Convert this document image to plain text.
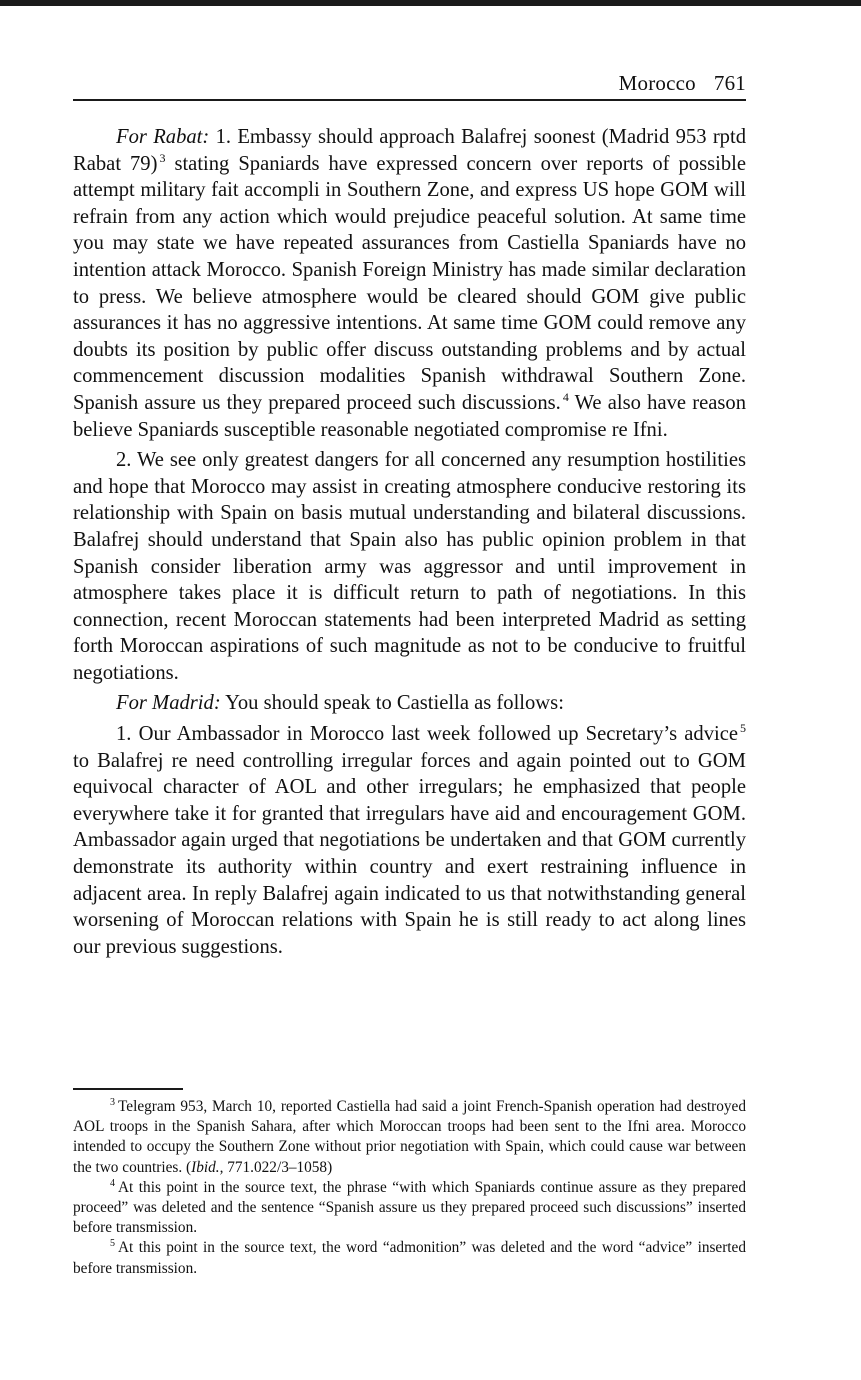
Morocco 761

For Rabat: 1. Embassy should approach Balafrej soonest (Madrid 953 rptd Rabat 79) $^3$ stating Spaniards have expressed concern over reports of possible attempt military fait accompli in Southern Zone, and express US hope GOM will refrain from any action which would prejudice peaceful solution. At same time you may state we have repeated assurances from Castiella Spaniards have no intention attack Morocco. Spanish Foreign Ministry has made similar declaration to press. We believe atmosphere would be cleared should GOM give public assurances it has no aggressive intentions. At same time GOM could remove any doubts its position by public offer discuss outstanding problems and by actual commencement discussion modalities Spanish withdrawal Southern Zone. Spanish assure us they prepared proceed such discussions. $^4$ We also have reason believe Spaniards susceptible reasonable negotiated compromise re Ifni.

2. We see only greatest dangers for all concerned any resumption hostilities and hope that Morocco may assist in creating atmosphere conducive restoring its relationship with Spain on basis mutual understanding and bilateral discussions. Balafrej should understand that Spain also has public opinion problem in that Spanish consider liberation army was aggressor and until improvement in atmosphere takes place it is difficult return to path of negotiations. In this connection, recent Moroccan statements had been interpreted Madrid as setting forth Moroccan aspirations of such magnitude as not to be conducive to fruitful negotiations.

For Madrid: You should speak to Castiella as follows:

1. Our Ambassador in Morocco last week followed up Secretary’s advice $^5$ to Balafrej re need controlling irregular forces and again pointed out to GOM equivocal character of AOL and other irregulars; he emphasized that people everywhere take it for granted that irregulars have aid and encouragement GOM. Ambassador again urged that negotiations be undertaken and that GOM currently demonstrate its authority within country and exert restraining influence in adjacent area. In reply Balafrej again indicated to us that notwithstanding general worsening of Moroccan relations with Spain he is still ready to act along lines our previous suggestions.

$^3$ Telegram 953, March 10, reported Castiella had said a joint French-Spanish operation had destroyed AOL troops in the Spanish Sahara, after which Moroccan troops had been sent to the Ifni area. Morocco intended to occupy the Southern Zone without prior negotiation with Spain, which could cause war between the two countries. (Ibid., 771.022/3–1058)

$^4$ At this point in the source text, the phrase “with which Spaniards continue assure as they prepared proceed” was deleted and the sentence “Spanish assure us they prepared proceed such discussions” inserted before transmission.

$^5$ At this point in the source text, the word “admonition” was deleted and the word “advice” inserted before transmission.
